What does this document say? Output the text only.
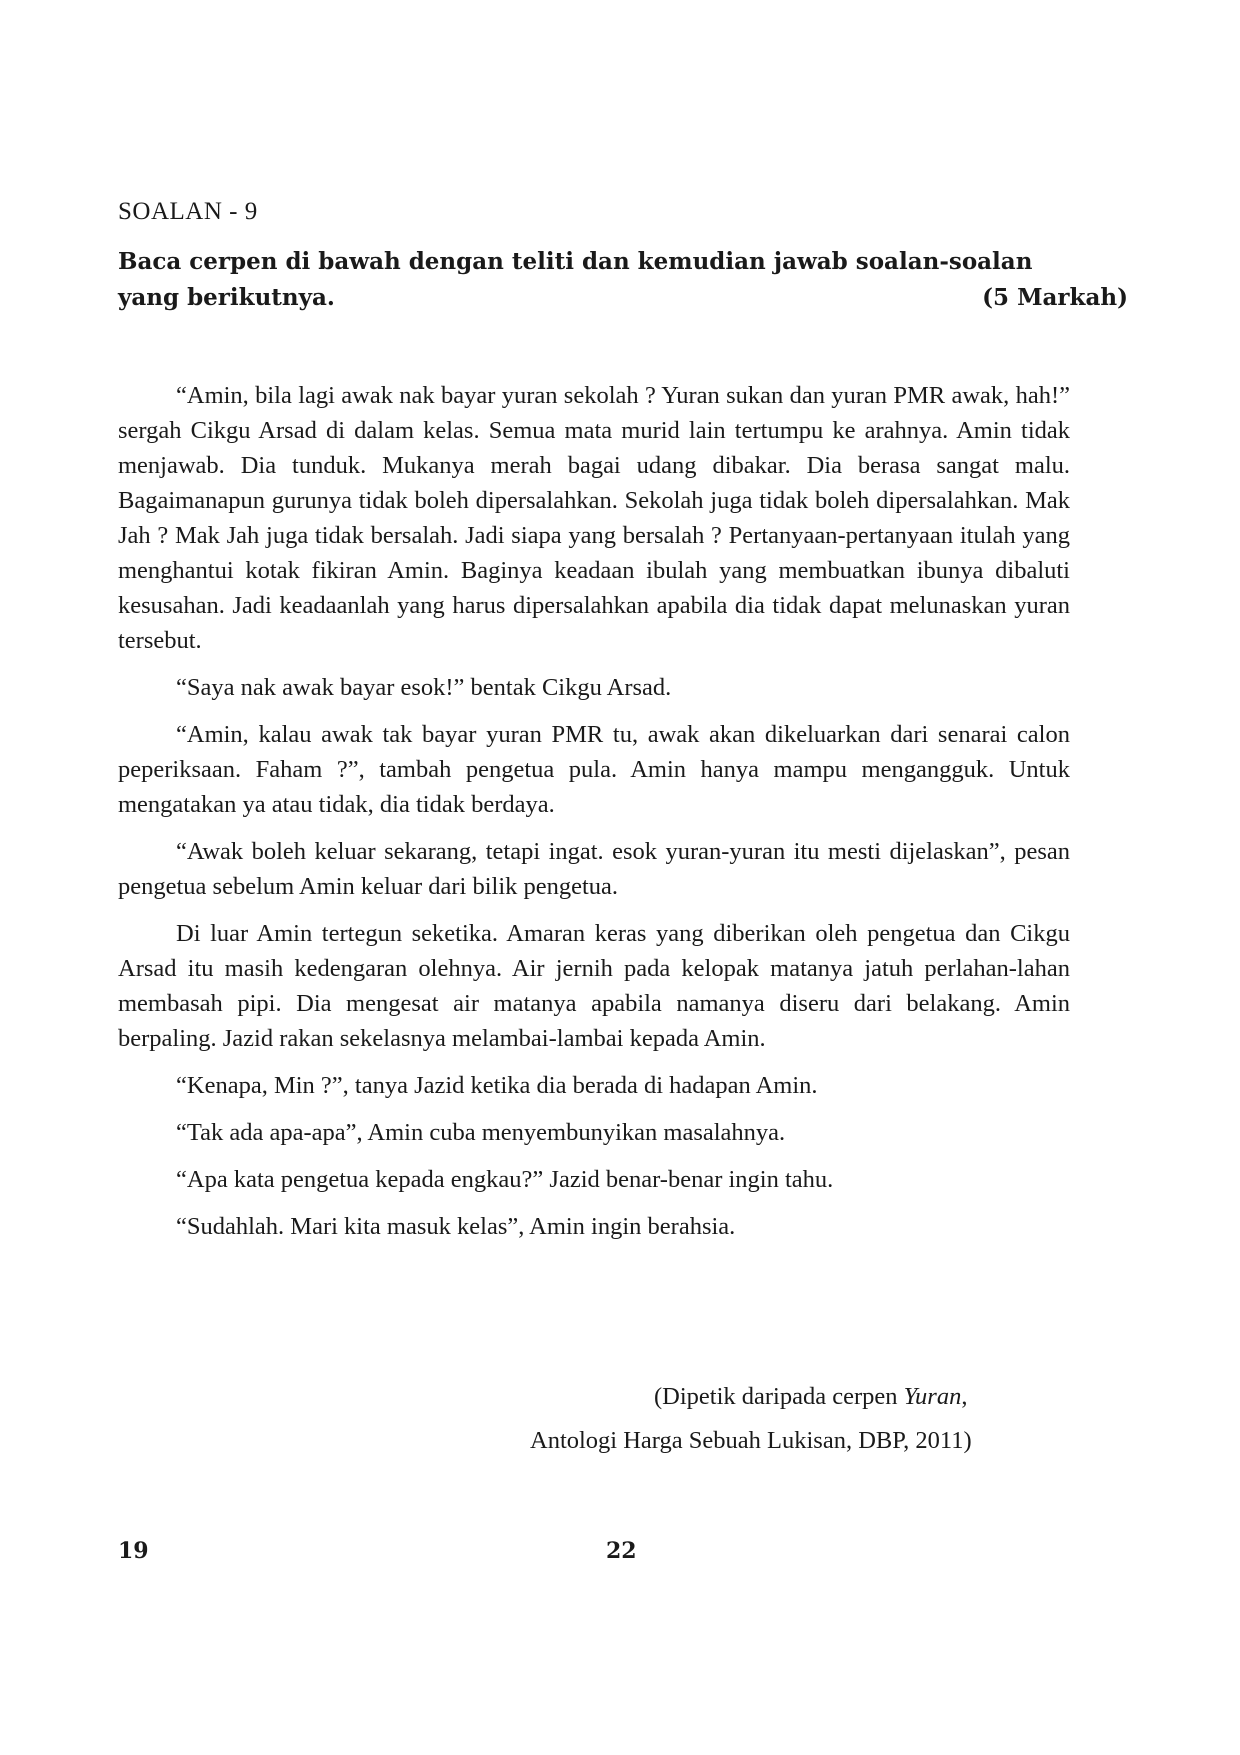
SOALAN - 9
Baca cerpen di bawah dengan teliti dan kemudian jawab soalan-soalan
yang berikutnya.	(5 Markah)

“Amin, bila lagi awak nak bayar yuran sekolah ? Yuran sukan dan yuran PMR awak, hah!” sergah Cikgu Arsad di dalam kelas. Semua mata murid lain tertumpu ke arahnya. Amin tidak menjawab. Dia tunduk. Mukanya merah bagai udang dibakar. Dia berasa sangat malu. Bagaimanapun gurunya tidak boleh dipersalahkan. Sekolah juga tidak boleh dipersalahkan. Mak Jah ? Mak Jah juga tidak bersalah. Jadi siapa yang bersalah ? Pertanyaan-pertanyaan itulah yang menghantui kotak fikiran Amin. Baginya keadaan ibulah yang membuatkan ibunya dibaluti kesusahan. Jadi keadaanlah yang harus dipersalahkan apabila dia tidak dapat melunaskan yuran tersebut.

“Saya nak awak bayar esok!” bentak Cikgu Arsad.

“Amin, kalau awak tak bayar yuran PMR tu, awak akan dikeluarkan dari senarai calon peperiksaan. Faham ?”, tambah pengetua pula. Amin hanya mampu mengangguk. Untuk mengatakan ya atau tidak, dia tidak berdaya.

“Awak boleh keluar sekarang, tetapi ingat. esok yuran-yuran itu mesti dijelaskan”, pesan pengetua sebelum Amin keluar dari bilik pengetua.

Di luar Amin tertegun seketika. Amaran keras yang diberikan oleh pengetua dan Cikgu Arsad itu masih kedengaran olehnya. Air jernih pada kelopak matanya jatuh perlahan-lahan membasah pipi. Dia mengesat air matanya apabila namanya diseru dari belakang. Amin berpaling. Jazid rakan sekelasnya melambai-lambai kepada Amin.

“Kenapa, Min ?”, tanya Jazid ketika dia berada di hadapan Amin.

“Tak ada apa-apa”, Amin cuba menyembunyikan masalahnya.

“Apa kata pengetua kepada engkau?” Jazid benar-benar ingin tahu.

“Sudahlah. Mari kita masuk kelas”, Amin ingin berahsia.

(Dipetik daripada cerpen Yuran,
Antologi Harga Sebuah Lukisan, DBP, 2011)
19	22
